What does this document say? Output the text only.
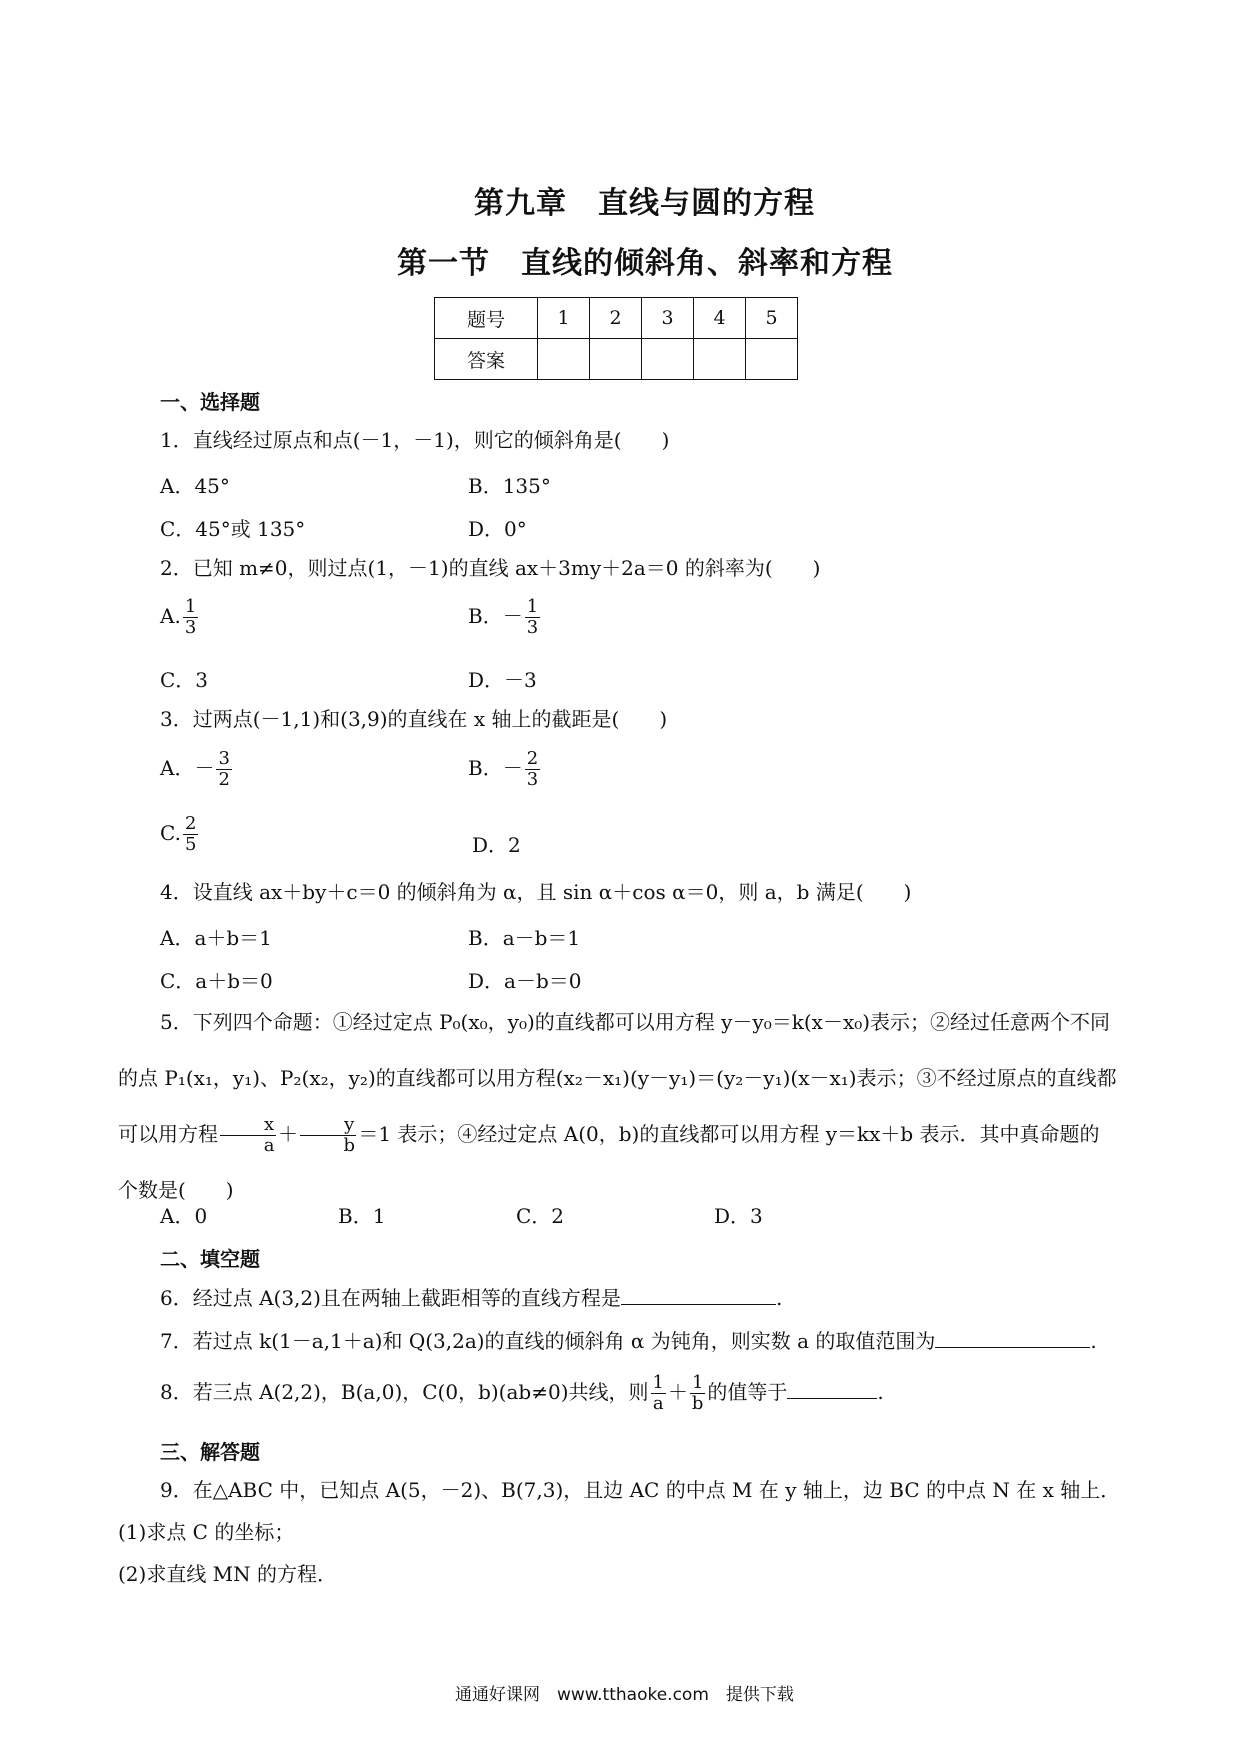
第九章　直线与圆的方程
第一节　直线的倾斜角、斜率和方程
题号	1	2	3	4	5
答案					
一、选择题
1．直线经过原点和点(－1，－1)，则它的倾斜角是(　　)
A．45°	B．135°
C．45°或 135°	D．0°
2．已知 m≠0，则过点(1，－1)的直线 ax＋3my＋2a＝0 的斜率为(　　)
A. $\frac{1}{3}$	B．－ $\frac{1}{3}$
C．3	D．－3
3．过两点(－1,1)和(3,9)的直线在 x 轴上的截距是(　　)
A．－ $\frac{3}{2}$	B．－ $\frac{2}{3}$
C. $\frac{2}{5}$	D．2
4．设直线 ax＋by＋c＝0 的倾斜角为 α，且 sin α＋cos α＝0，则 a，b 满足(　　)
A．a＋b＝1	B．a－b＝1
C．a＋b＝0	D．a－b＝0
5．下列四个命题：①经过定点 P₀(x₀，y₀)的直线都可以用方程 y－y₀＝k(x－x₀)表示；②经过任意两个不同的点 P₁(x₁，y₁)、P₂(x₂，y₂)的直线都可以用方程(x₂－x₁)(y－y₁)＝(y₂－y₁)(x－x₁)表示；③不经过原点的直线都可以用方程 $\frac{x}{a} + \frac{y}{b} =1$ 表示；④经过定点 A(0，b)的直线都可以用方程 y＝kx＋b 表示．其中真命题的个数是(　　)
A．0	B．1	C．2	D．3
二、填空题
6．经过点 A(3,2)且在两轴上截距相等的直线方程是	.
7．若过点 k(1－a,1＋a)和 Q(3,2a)的直线的倾斜角 α 为钝角，则实数 a 的取值范围为	.
8．若三点 A(2,2)，B(a,0)，C(0，b)(ab≠0)共线，则 $\frac{1}{a} + \frac{1}{b}$ 的值等于	.
三、解答题
9．在△ABC 中，已知点 A(5，－2)、B(7,3)，且边 AC 的中点 M 在 y 轴上，边 BC 的中点 N 在 x 轴上．
(1)求点 C 的坐标；
(2)求直线 MN 的方程．
通通好课网　www.tthaoke.com　提供下载
